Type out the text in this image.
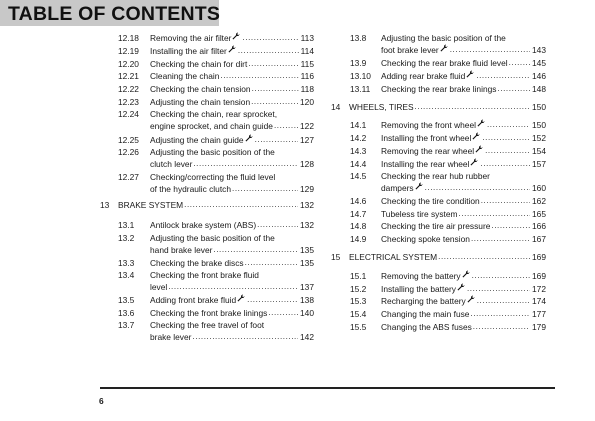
TABLE OF CONTENTS
12.18 Removing the air filter .....	113
12.19 Installing the air filter .....	114
12.20 Checking the chain for dirt .....	115
12.21 Cleaning the chain .....	116
12.22 Checking the chain tension .....	118
12.23 Adjusting the chain tension .....	120
12.24 Checking the chain, rear sprocket,
engine sprocket, and chain guide .....	122
12.25 Adjusting the chain guide .....	127
12.26 Adjusting the basic position of the
clutch lever .....	128
12.27 Checking/correcting the fluid level
of the hydraulic clutch .....	129
13 BRAKE SYSTEM .....	132
13.1 Antilock brake system (ABS) .....	132
13.2 Adjusting the basic position of the
hand brake lever .....	135
13.3 Checking the brake discs .....	135
13.4 Checking the front brake fluid
level .....	137
13.5 Adding front brake fluid .....	138
13.6 Checking the front brake linings .....	140
13.7 Checking the free travel of foot
brake lever .....	142
13.8 Adjusting the basic position of the
foot brake lever .....	143
13.9 Checking the rear brake fluid level .....	145
13.10 Adding rear brake fluid .....	146
13.11 Checking the rear brake linings .....	148
14 WHEELS, TIRES .....	150
14.1 Removing the front wheel .....	150
14.2 Installing the front wheel .....	152
14.3 Removing the rear wheel .....	154
14.4 Installing the rear wheel .....	157
14.5 Checking the rear hub rubber
dampers .....	160
14.6 Checking the tire condition .....	162
14.7 Tubeless tire system .....	165
14.8 Checking the tire air pressure .....	166
14.9 Checking spoke tension .....	167
15 ELECTRICAL SYSTEM .....	169
15.1 Removing the battery .....	169
15.2 Installing the battery .....	172
15.3 Recharging the battery .....	174
15.4 Changing the main fuse .....	177
15.5 Changing the ABS fuses .....	179
6
